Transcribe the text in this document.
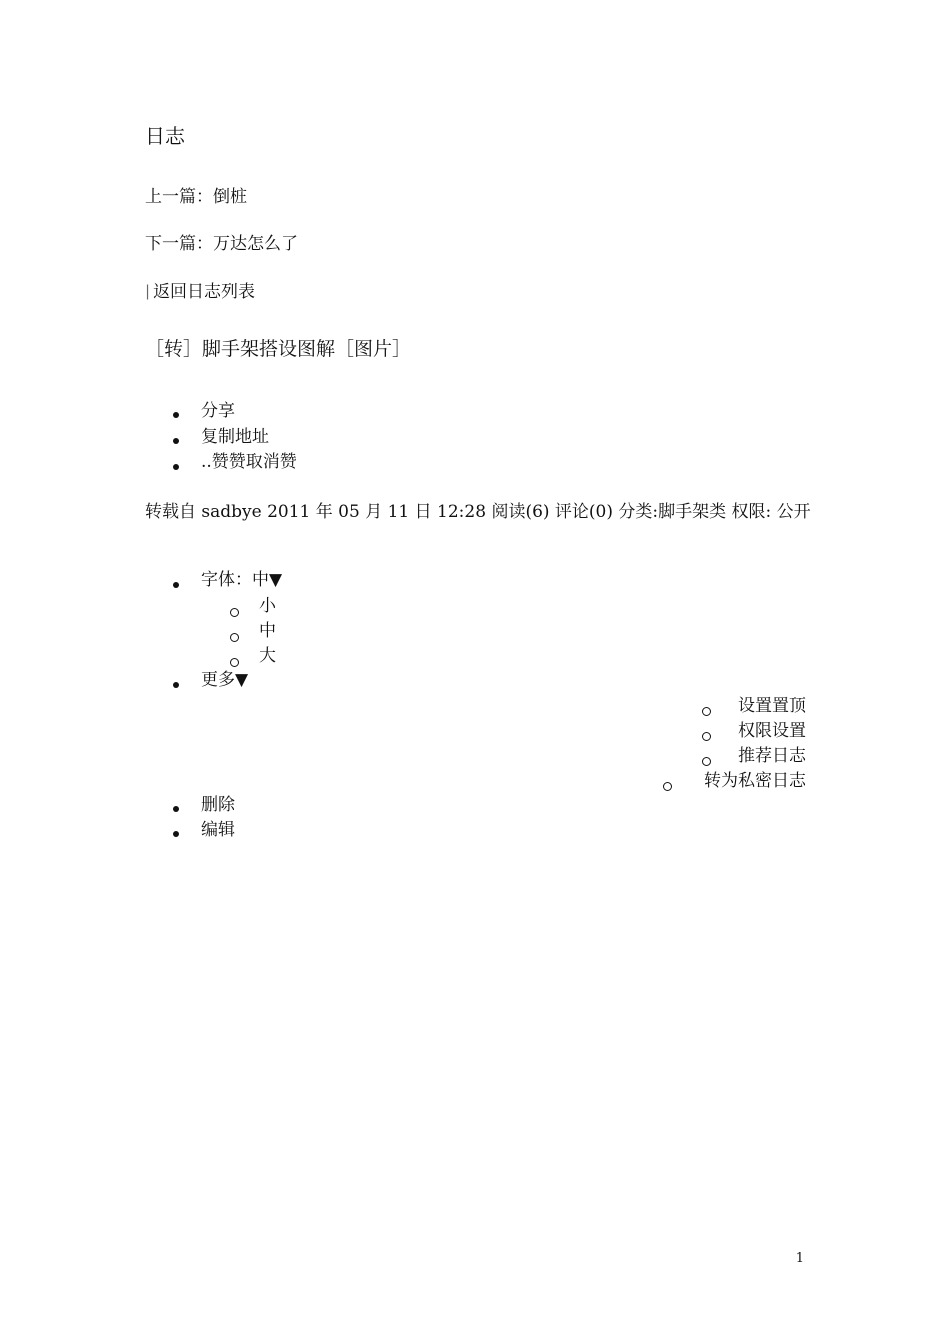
日志
上一篇：倒桩
下一篇：万达怎么了
| 返回日志列表
［转］脚手架搭设图解［图片］
分享
复制地址
..赞赞取消赞
转载自 sadbye 2011 年 05 月 11 日 12:28 阅读(6) 评论(0) 分类:脚手架类 权限: 公开
字体：中▼
小
中
大
更多▼
设置置顶
权限设置
推荐日志
转为私密日志
删除
编辑
1
